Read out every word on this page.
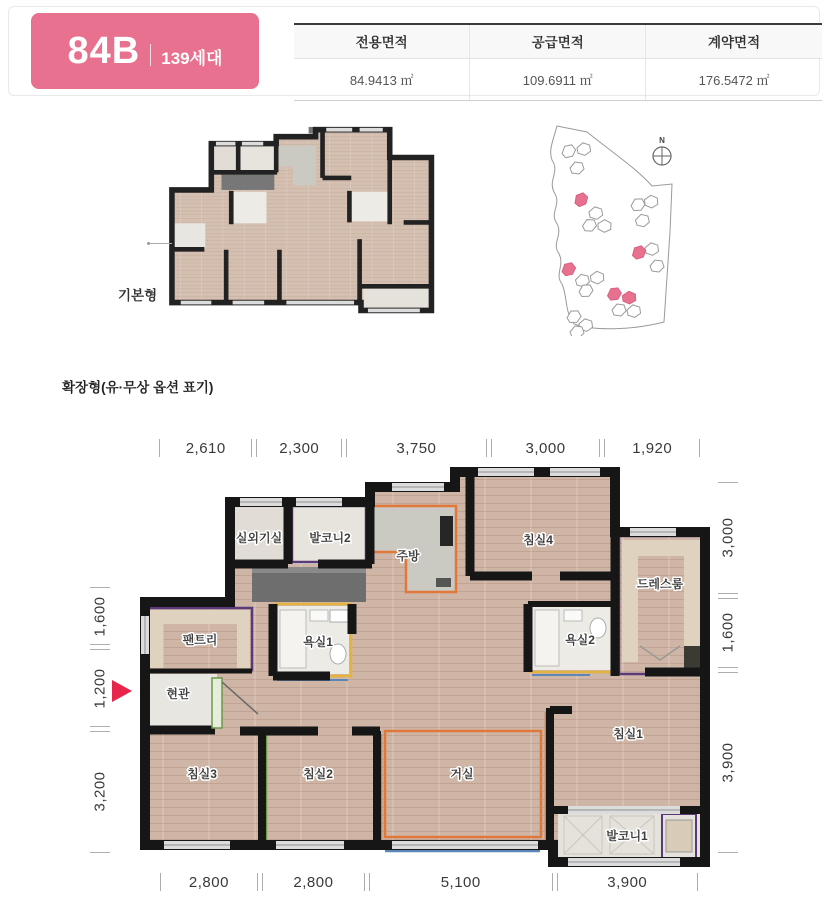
84B 139세대
전용면적	공급면적	계약면적
84.9413 ㎡	109.6911 ㎡	176.5472 ㎡
기본형
N
확장형(유·무상 옵션 표기)
2,610	2,300	3,750	3,000	1,920
2,800	2,800	5,100	3,900
1,600
1,200
3,200
3,000
1,600
3,900
실외기실 발코니2
주방
침실4
드레스룸
팬트리	욕실1	욕실2
현관
침실3	침실2	거실
침실1
발코니1
